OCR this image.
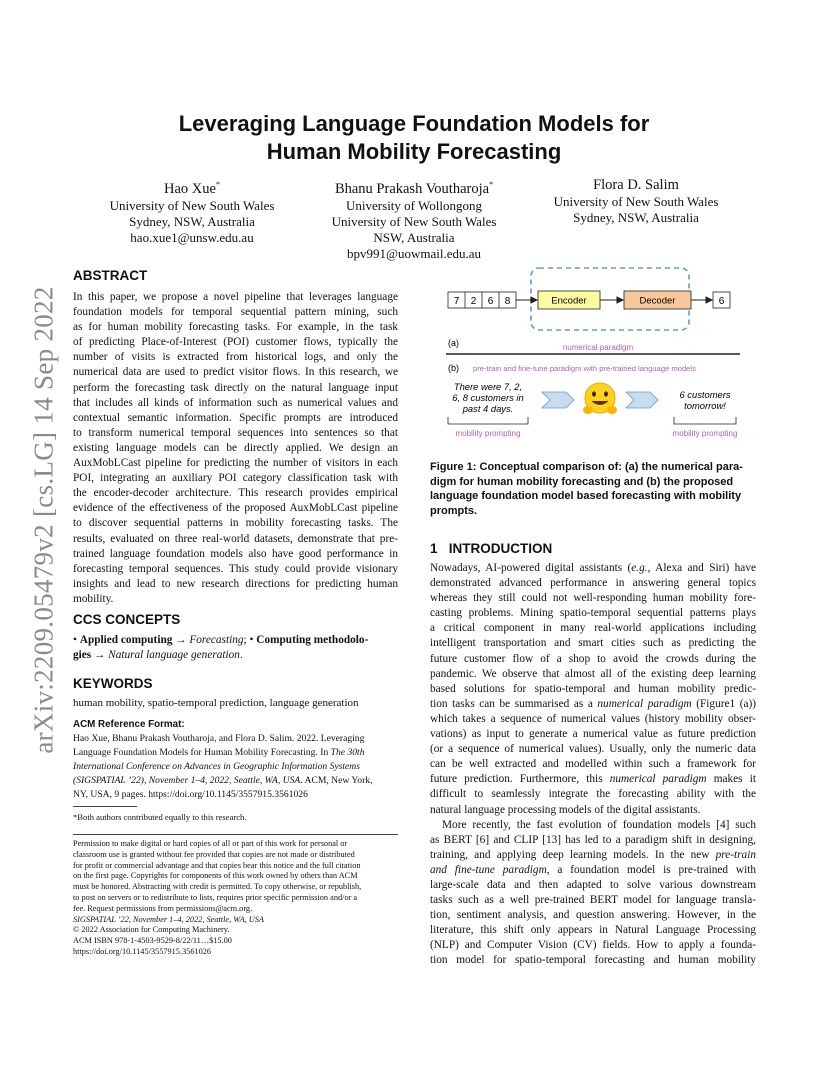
arXiv:2209.05479v2 [cs.LG] 14 Sep 2022
Leveraging Language Foundation Models for
Human Mobility Forecasting
Hao Xue*
University of New South Wales
Sydney, NSW, Australia
hao.xue1@unsw.edu.au
Bhanu Prakash Voutharoja*
University of Wollongong
University of New South Wales
NSW, Australia
bpv991@uowmail.edu.au
Flora D. Salim
University of New South Wales
Sydney, NSW, Australia
ABSTRACT
In this paper, we propose a novel pipeline that leverages language
foundation models for temporal sequential pattern mining, such
as for human mobility forecasting tasks. For example, in the task
of predicting Place-of-Interest (POI) customer flows, typically the
number of visits is extracted from historical logs, and only the
numerical data are used to predict visitor flows. In this research, we
perform the forecasting task directly on the natural language input
that includes all kinds of information such as numerical values and
contextual semantic information. Specific prompts are introduced
to transform numerical temporal sequences into sentences so that
existing language models can be directly applied. We design an
AuxMobLCast pipeline for predicting the number of visitors in each
POI, integrating an auxiliary POI category classification task with
the encoder-decoder architecture. This research provides empirical
evidence of the effectiveness of the proposed AuxMobLCast pipeline
to discover sequential patterns in mobility forecasting tasks. The
results, evaluated on three real-world datasets, demonstrate that pre-
trained language foundation models also have good performance in
forecasting temporal sequences. This study could provide visionary
insights and lead to new research directions for predicting human
mobility.
CCS CONCEPTS
• Applied computing → Forecasting; • Computing methodolo-
gies → Natural language generation.
KEYWORDS
human mobility, spatio-temporal prediction, language generation
ACM Reference Format:
Hao Xue, Bhanu Prakash Voutharoja, and Flora D. Salim. 2022. Leveraging
Language Foundation Models for Human Mobility Forecasting. In The 30th
International Conference on Advances in Geographic Information Systems
(SIGSPATIAL ’22), November 1–4, 2022, Seattle, WA, USA. ACM, New York,
NY, USA, 9 pages. https://doi.org/10.1145/3557915.3561026
*Both authors contributed equally to this research.
Permission to make digital or hard copies of all or part of this work for personal or
classroom use is granted without fee provided that copies are not made or distributed
for profit or commercial advantage and that copies bear this notice and the full citation
on the first page. Copyrights for components of this work owned by others than ACM
must be honored. Abstracting with credit is permitted. To copy otherwise, or republish,
to post on servers or to redistribute to lists, requires prior specific permission and/or a
fee. Request permissions from permissions@acm.org.
SIGSPATIAL ’22, November 1–4, 2022, Seattle, WA, USA
© 2022 Association for Computing Machinery.
ACM ISBN 978-1-4503-9529-8/22/11…$15.00
https://doi.org/10.1145/3557915.3561026
7 2 6 8	Encoder	Decoder	6
(a)	numerical paradigm
(b) pre-train and fine-tune paradigm with pre-trained language models
There were 7, 2,
6, 8 customers in
past 4 days.
6 customers
tomorrow!
mobility prompting	mobility prompting
Figure 1: Conceptual comparison of: (a) the numerical para-
digm for human mobility forecasting and (b) the proposed
language foundation model based forecasting with mobility
prompts.
1 INTRODUCTION
Nowadays, AI-powered digital assistants (e.g., Alexa and Siri) have
demonstrated advanced performance in answering general topics
whereas they still could not well-responding human mobility fore-
casting problems. Mining spatio-temporal sequential patterns plays
a critical component in many real-world applications including
intelligent transportation and smart cities such as predicting the
future customer flow of a shop to avoid the crowds during the
pandemic. We observe that almost all of the existing deep learning
based solutions for spatio-temporal and human mobility predic-
tion tasks can be summarised as a numerical paradigm (Figure1 (a))
which takes a sequence of numerical values (history mobility obser-
vations) as input to generate a numerical value as future prediction
(or a sequence of numerical values). Usually, only the numeric data
can be well extracted and modelled within such a framework for
future prediction. Furthermore, this numerical paradigm makes it
difficult to seamlessly integrate the forecasting ability with the
natural language processing models of the digital assistants.
More recently, the fast evolution of foundation models [4] such
as BERT [6] and CLIP [13] has led to a paradigm shift in designing,
training, and applying deep learning models. In the new pre-train
and fine-tune paradigm, a foundation model is pre-trained with
large-scale data and then adapted to solve various downstream
tasks such as a well pre-trained BERT model for language transla-
tion, sentiment analysis, and question answering. However, in the
literature, this shift only appears in Natural Language Processing
(NLP) and Computer Vision (CV) fields. How to apply a founda-
tion model for spatio-temporal forecasting and human mobility
